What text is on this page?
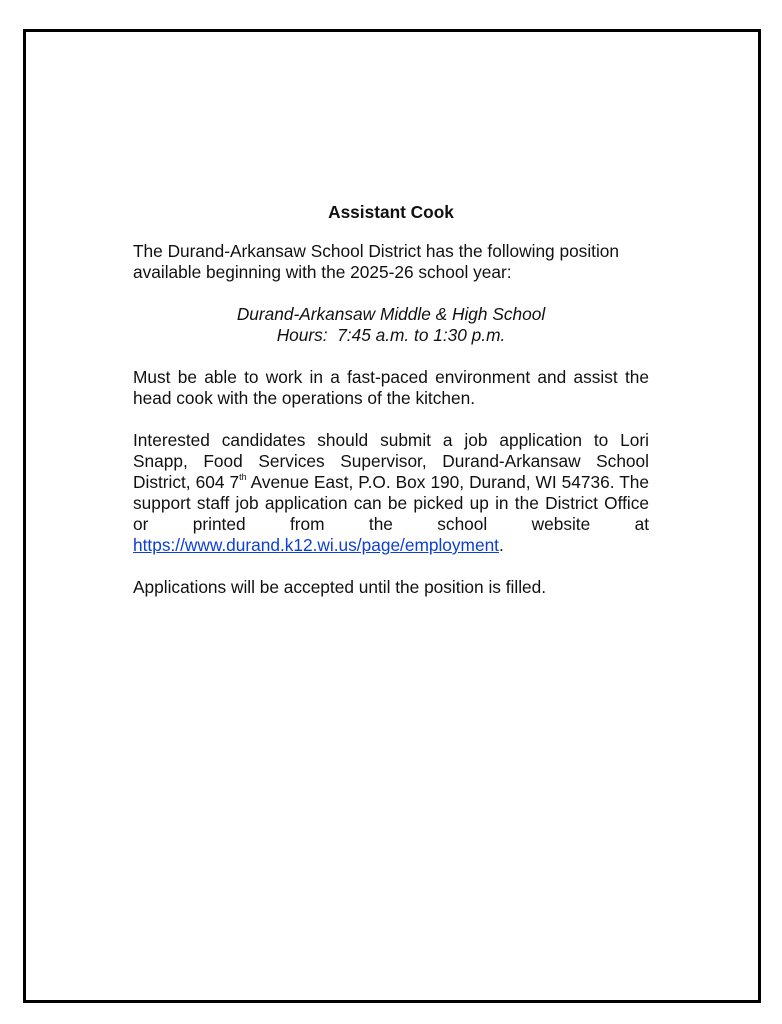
Assistant Cook
The Durand-Arkansaw School District has the following position available beginning with the 2025-26 school year:
Durand-Arkansaw Middle & High School
Hours:  7:45 a.m. to 1:30 p.m.
Must be able to work in a fast-paced environment and assist the head cook with the operations of the kitchen.
Interested candidates should submit a job application to Lori Snapp, Food Services Supervisor, Durand-Arkansaw School District, 604 7th Avenue East, P.O. Box 190, Durand, WI 54736. The support staff job application can be picked up in the District Office or printed from the school website at https://www.durand.k12.wi.us/page/employment.
Applications will be accepted until the position is filled.
